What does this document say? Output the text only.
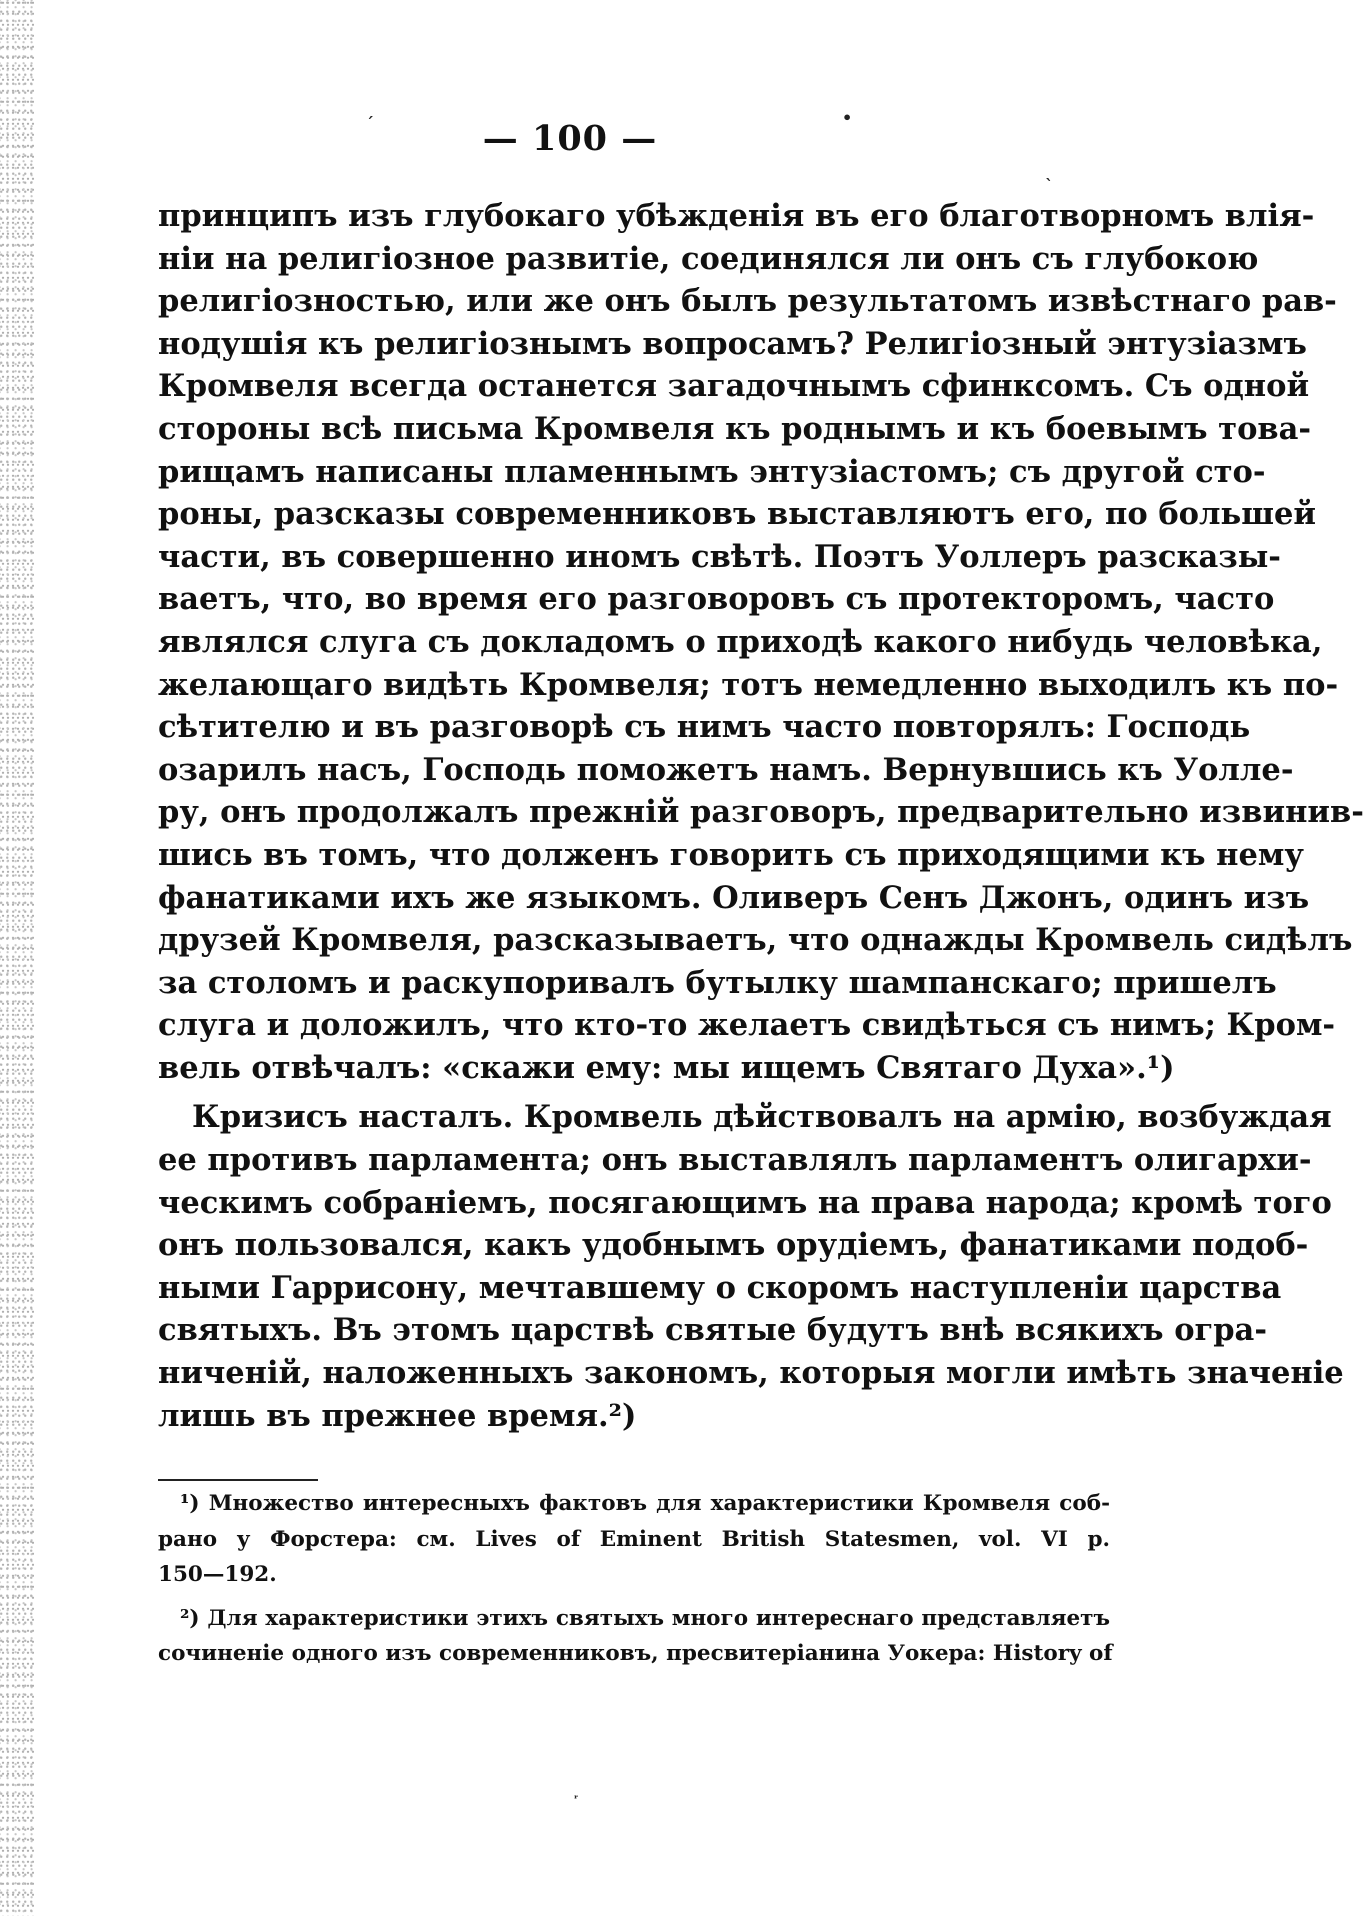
— 100 —
принципъ изъ глубокаго убѣжденія въ его благотворномъ влія-
ніи на религіозное развитіе, соединялся ли онъ съ глубокою
религіозностью, или же онъ былъ результатомъ извѣстнаго рав-
нодушія къ религіознымъ вопросамъ? Религіозный энтузіазмъ
Кромвеля всегда останется загадочнымъ сфинксомъ. Съ одной
стороны всѣ письма Кромвеля къ роднымъ и къ боевымъ това-
рищамъ написаны пламеннымъ энтузіастомъ; съ другой сто-
роны, разсказы современниковъ выставляютъ его, по большей
части, въ совершенно иномъ свѣтѣ. Поэтъ Уоллеръ разсказы-
ваетъ, что, во время его разговоровъ съ протекторомъ, часто
являлся слуга съ докладомъ о приходѣ какого нибудь человѣка,
желающаго видѣть Кромвеля; тотъ немедленно выходилъ къ по-
сѣтителю и въ разговорѣ съ нимъ часто повторялъ: Господь
озарилъ насъ, Господь поможетъ намъ. Вернувшись къ Уолле-
ру, онъ продолжалъ прежній разговоръ, предварительно извинив-
шись въ томъ, что долженъ говорить съ приходящими къ нему
фанатиками ихъ же языкомъ. Оливеръ Сенъ Джонъ, одинъ изъ
друзей Кромвеля, разсказываетъ, что однажды Кромвель сидѣлъ
за столомъ и раскупоривалъ бутылку шампанскаго; пришелъ
слуга и доложилъ, что кто-то желаетъ свидѣться съ нимъ; Кром-
вель отвѣчалъ: «скажи ему: мы ищемъ Святаго Духа».¹)
Кризисъ насталъ. Кромвель дѣйствовалъ на армію, возбуждая
ее противъ парламента; онъ выставлялъ парламентъ олигархи-
ческимъ собраніемъ, посягающимъ на права народа; кромѣ того
онъ пользовался, какъ удобнымъ орудіемъ, фанатиками подоб-
ными Гаррисону, мечтавшему о скоромъ наступленіи царства
святыхъ. Въ этомъ царствѣ святые будутъ внѣ всякихъ огра-
ниченій, наложенныхъ закономъ, которыя могли имѣть значеніе
лишь въ прежнее время.²)
¹) Множество интересныхъ фактовъ для характеристики Кромвеля соб-
рано у Форстера: см. Lives of Eminent British Statesmen, vol. VI p.
150—192.
²) Для характеристики этихъ святыхъ много интереснаго представляетъ
сочиненіе одного изъ современниковъ, пресвитеріанина Уокера: History of
ˊ	•
ˋ
